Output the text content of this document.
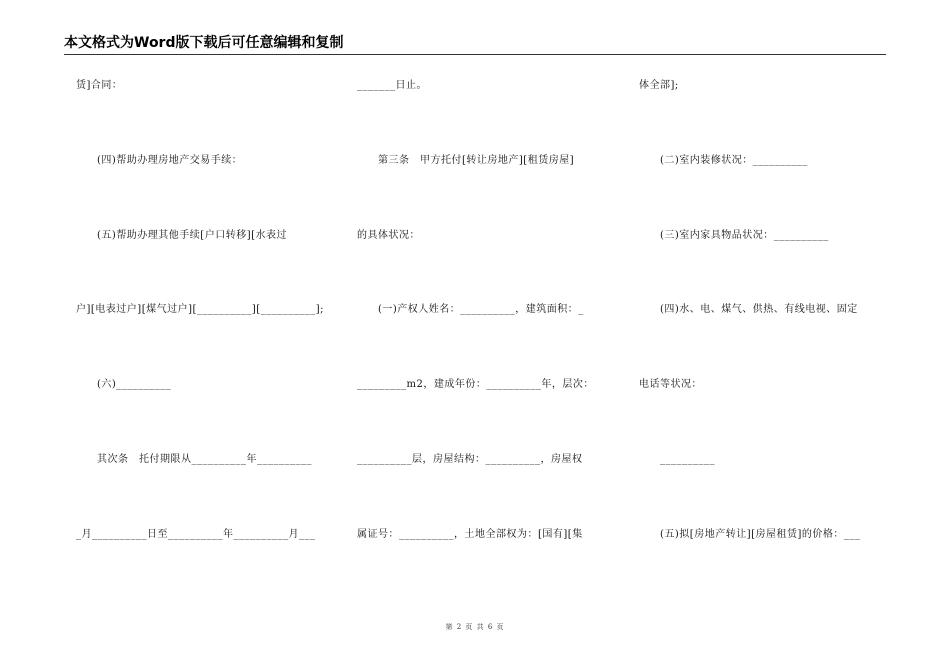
本文格式为Word版下载后可任意编辑和复制
赁]合同：
　　(四)帮助办理房地产交易手续：
　　(五)帮助办理其他手续[户口转移][水表过
户][电表过户][煤气过户][__________][__________];
　　(六)__________
　　其次条　托付期限从__________年__________
_月__________日至__________年__________月___
_______日止。
　　第三条　甲方托付[转让房地产][租赁房屋]
的具体状况：
　　(一)产权人姓名：__________，建筑面积：_
_________m2，建成年份：__________年，层次：
__________层，房屋结构：__________，房屋权
属证号：__________，土地全部权为：[国有][集
体全部];
　　(二)室内装修状况：__________
　　(三)室内家具物品状况：__________
　　(四)水、电、煤气、供热、有线电视、固定
电话等状况：
　　__________
　　(五)拟[房地产转让][房屋租赁]的价格：___
第 2 页 共 6 页
